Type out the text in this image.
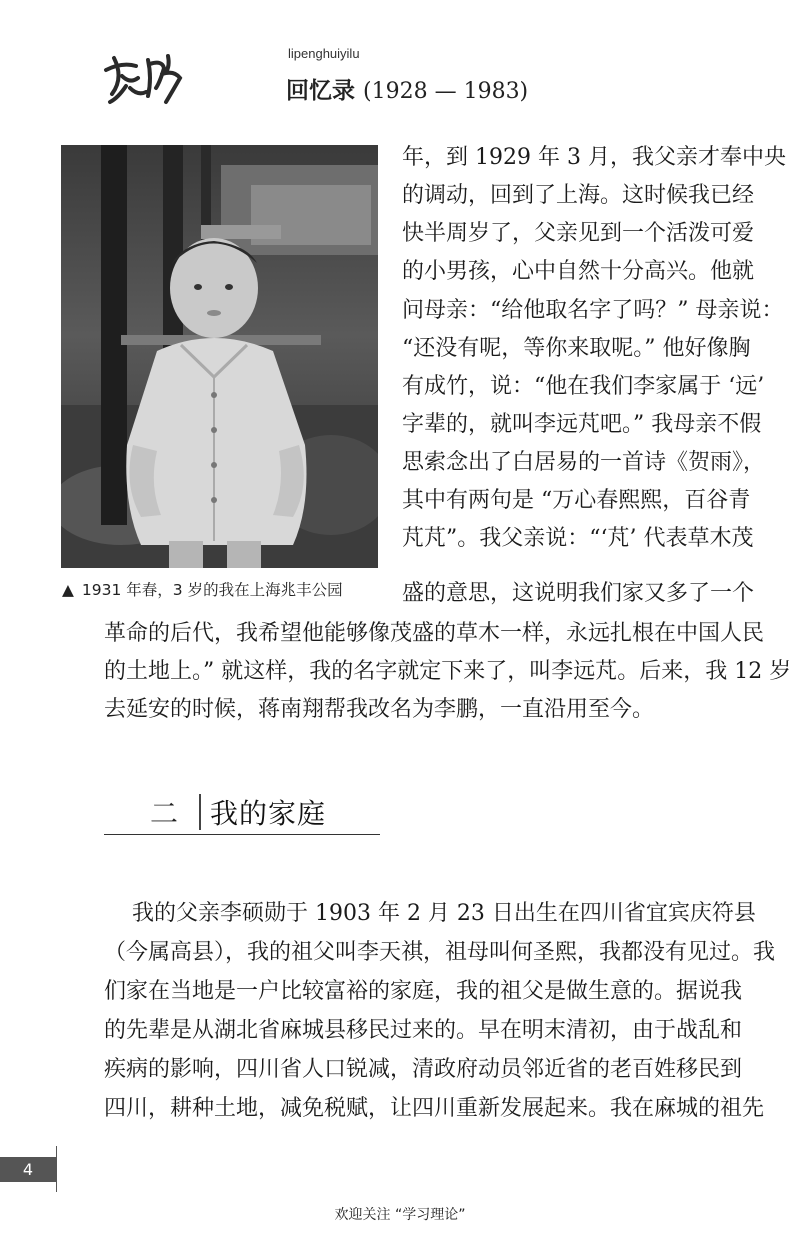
lipenghuiyilu
回忆录 (1928 — 1983)
▲ 1931 年春，3 岁的我在上海兆丰公园
年，到 1929 年 3 月，我父亲才奉中央
的调动，回到了上海。这时候我已经
快半周岁了，父亲见到一个活泼可爱
的小男孩，心中自然十分高兴。他就
问母亲：“给他取名字了吗？” 母亲说：
“还没有呢，等你来取呢。” 他好像胸
有成竹，说：“他在我们李家属于 ‘远’
字辈的，就叫李远芃吧。” 我母亲不假
思索念出了白居易的一首诗《贺雨》，
其中有两句是 “万心春熙熙，百谷青
芃芃”。我父亲说：“‘芃’ 代表草木茂
盛的意思，这说明我们家又多了一个
革命的后代，我希望他能够像茂盛的草木一样，永远扎根在中国人民
的土地上。” 就这样，我的名字就定下来了，叫李远芃。后来，我 12 岁
去延安的时候，蒋南翔帮我改名为李鹏，一直沿用至今。
二 我的家庭
我的父亲李硕勋于 1903 年 2 月 23 日出生在四川省宜宾庆符县
（今属高县），我的祖父叫李天祺，祖母叫何圣熙，我都没有见过。我
们家在当地是一户比较富裕的家庭，我的祖父是做生意的。据说我
的先辈是从湖北省麻城县移民过来的。早在明末清初，由于战乱和
疾病的影响，四川省人口锐减，清政府动员邻近省的老百姓移民到
四川，耕种土地，减免税赋，让四川重新发展起来。我在麻城的祖先
4
欢迎关注 “学习理论”
